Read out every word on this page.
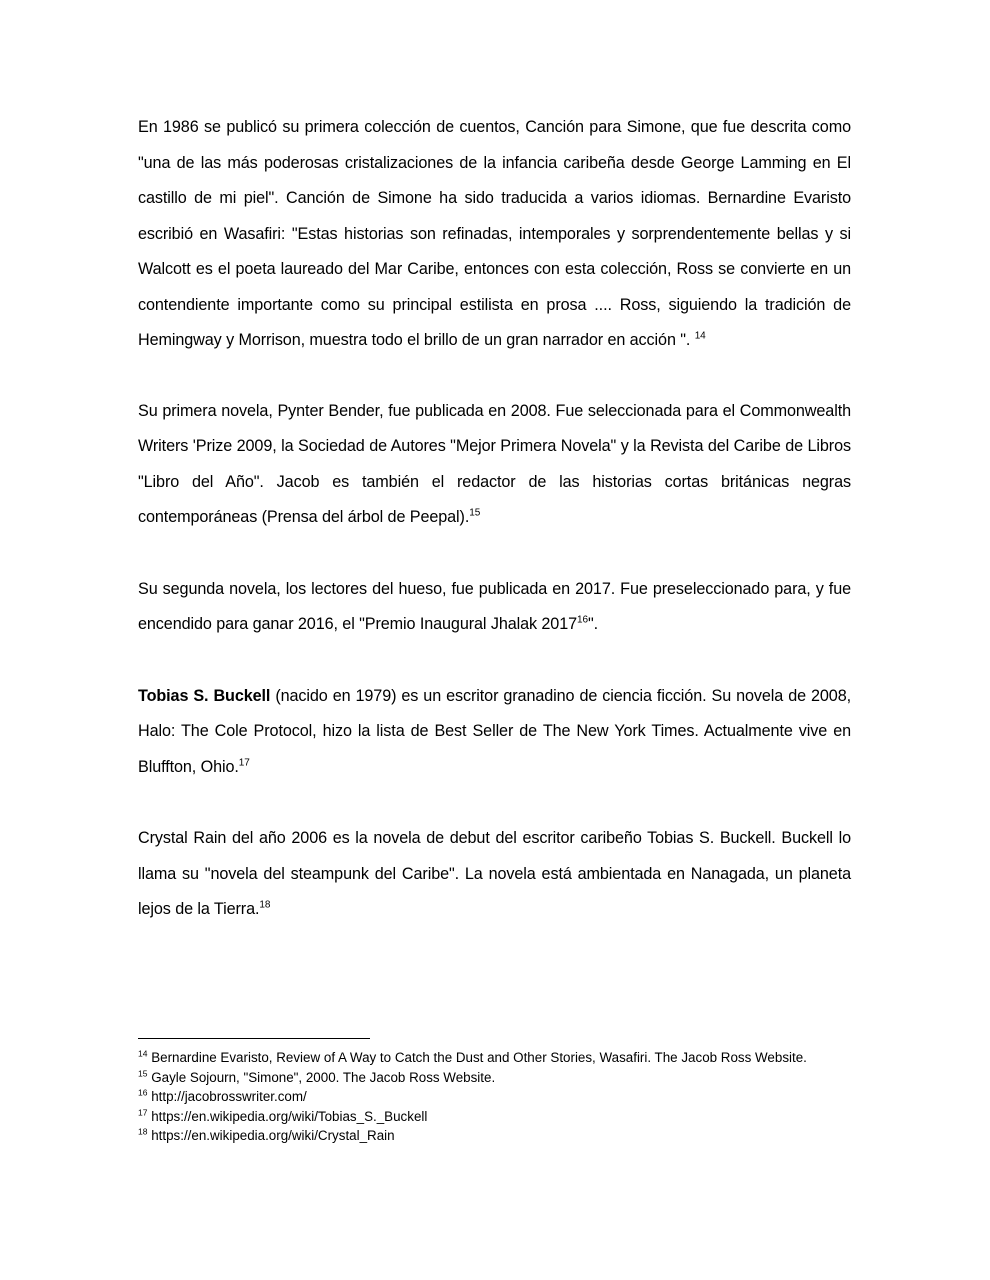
En 1986 se publicó su primera colección de cuentos, Canción para Simone, que fue descrita como "una de las más poderosas cristalizaciones de la infancia caribeña desde George Lamming en El castillo de mi piel". Canción de Simone ha sido traducida a varios idiomas. Bernardine Evaristo escribió en Wasafiri: "Estas historias son refinadas, intemporales y sorprendentemente bellas y si Walcott es el poeta laureado del Mar Caribe, entonces con esta colección, Ross se convierte en un contendiente importante como su principal estilista en prosa .... Ross, siguiendo la tradición de Hemingway y Morrison, muestra todo el brillo de un gran narrador en acción ". $^{14}$

Su primera novela, Pynter Bender, fue publicada en 2008. Fue seleccionada para el Commonwealth Writers 'Prize 2009, la Sociedad de Autores "Mejor Primera Novela" y la Revista del Caribe de Libros "Libro del Año". Jacob es también el redactor de las historias cortas británicas negras contemporáneas (Prensa del árbol de Peepal).$^{15}$

Su segunda novela, los lectores del hueso, fue publicada en 2017. Fue preseleccionado para, y fue encendido para ganar 2016, el "Premio Inaugural Jhalak 2017$^{16}$".

Tobias S. Buckell (nacido en 1979) es un escritor granadino de ciencia ficción. Su novela de 2008, Halo: The Cole Protocol, hizo la lista de Best Seller de The New York Times. Actualmente vive en Bluffton, Ohio.$^{17}$

Crystal Rain del año 2006 es la novela de debut del escritor caribeño Tobias S. Buckell. Buckell lo llama su "novela del steampunk del Caribe". La novela está ambientada en Nanagada, un planeta lejos de la Tierra.$^{18}$

$^{14}$ Bernardine Evaristo, Review of A Way to Catch the Dust and Other Stories, Wasafiri. The Jacob Ross Website.

$^{15}$ Gayle Sojourn, "Simone", 2000. The Jacob Ross Website.

$^{16}$ http://jacobrosswriter.com/

$^{17}$ https://en.wikipedia.org/wiki/Tobias_S._Buckell

$^{18}$ https://en.wikipedia.org/wiki/Crystal_Rain
